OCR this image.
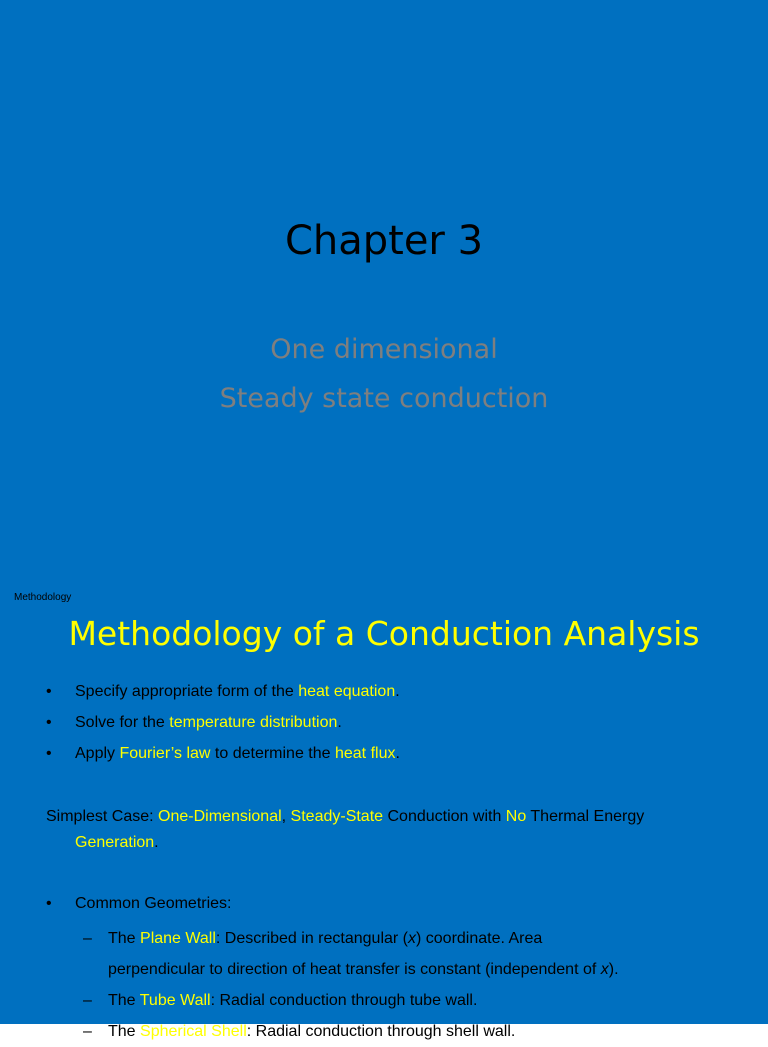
Chapter 3
One dimensional
Steady state conduction
Methodology
Methodology of a Conduction Analysis
• Specify appropriate form of the heat equation.
• Solve for the temperature distribution.
• Apply Fourier’s law to determine the heat flux.
Simplest Case: One-Dimensional, Steady-State Conduction with No Thermal Energy
Generation.
• Common Geometries:
– The Plane Wall: Described in rectangular (x) coordinate. Area
perpendicular to direction of heat transfer is constant (independent of x).
– The Tube Wall: Radial conduction through tube wall.
– The Spherical Shell: Radial conduction through shell wall.
